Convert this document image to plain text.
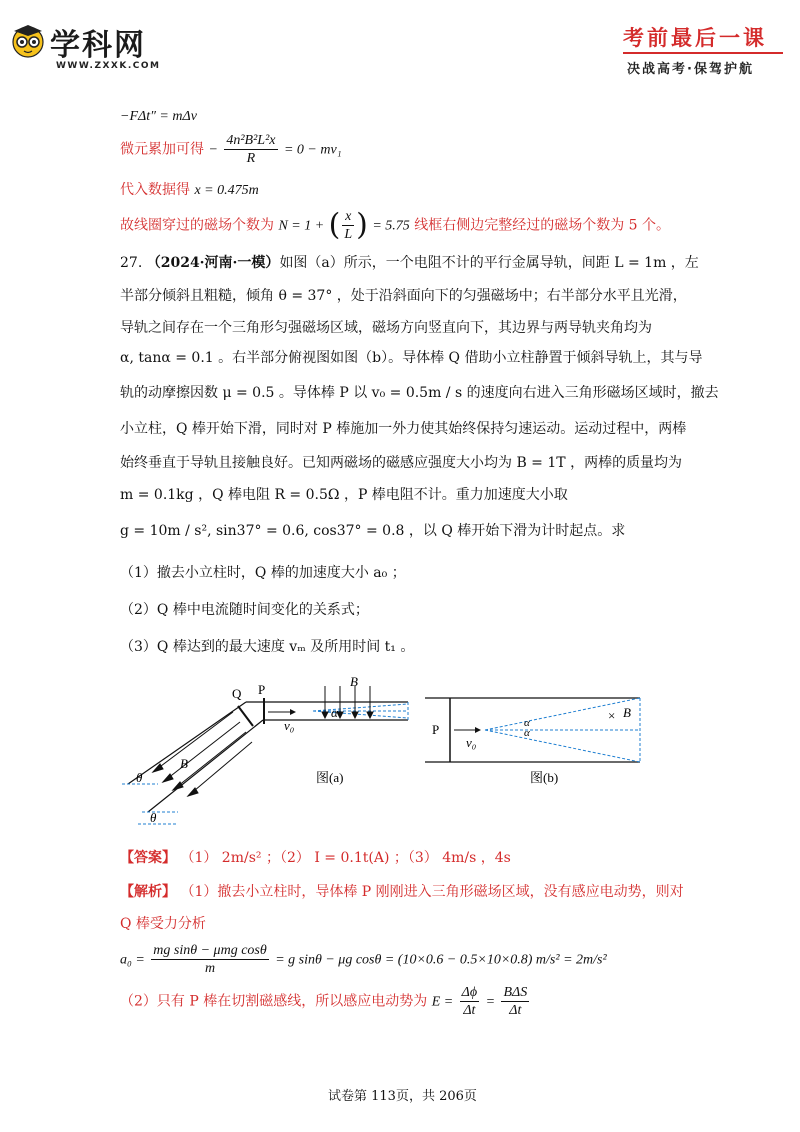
学科网
WWW.ZXXK.COM
考前最后一课
决战高考·保驾护航
−FΔt″ = mΔv
微元累加可得 − $\frac{\text{4n²B²L²x}}{R} = 0 - mv_1$
代入数据得 x = 0.475m
故线圈穿过的磁场个数为 N = 1 + ( $\frac{x}{L}$ ) = 5.75 线框右侧边完整经过的磁场个数为 5 个。
27. （2024·河南·一模）如图（a）所示，一个电阻不计的平行金属导轨，间距 L = 1m ，左
半部分倾斜且粗糙，倾角 θ = 37° ，处于沿斜面向下的匀强磁场中；右半部分水平且光滑，
导轨之间存在一个三角形匀强磁场区域，磁场方向竖直向下，其边界与两导轨夹角均为
α, tanα = 0.1 。右半部分俯视图如图（b）。导体棒 Q 借助小立柱静置于倾斜导轨上，其与导
轨的动摩擦因数 μ = 0.5 。导体棒 P 以 v₀ = 0.5m / s 的速度向右进入三角形磁场区域时，撤去
小立柱，Q 棒开始下滑，同时对 P 棒施加一外力使其始终保持匀速运动。运动过程中，两棒
始终垂直于导轨且接触良好。已知两磁场的磁感应强度大小均为 B = 1T ，两棒的质量均为
m = 0.1kg ，Q 棒电阻 R = 0.5Ω ，P 棒电阻不计。重力加速度大小取
g = 10m / s², sin37° = 0.6, cos37° = 0.8 ，以 Q 棒开始下滑为计时起点。求
（1）撤去小立柱时，Q 棒的加速度大小 a₀ ；
（2）Q 棒中电流随时间变化的关系式；
（3）Q 棒达到的最大速度 vₘ 及所用时间 t₁ 。
Q P
B
B
θ
α
v₀
图(a)
θ
P
v₀
α
α
× B
图(b)
【答案】 （1） 2m/s² ；（2） I = 0.1t(A) ；（3） 4m/s ，4s
【解析】 （1）撤去小立柱时，导体棒 P 刚刚进入三角形磁场区域，没有感应电动势，则对
Q 棒受力分析
$a_0 = \frac{\text{mg sinθ − μmg cosθ}}{m} = g$ sinθ − μg cosθ = (10×0.6 − 0.5×10×0.8) m/s² = 2m/s²
（2）只有 P 棒在切割磁感线，所以感应电动势为 $E = \frac{\Delta\phi}{\Delta t} = \frac{\text{BΔS}}{\Delta t}$
试卷第 113页，共 206页
